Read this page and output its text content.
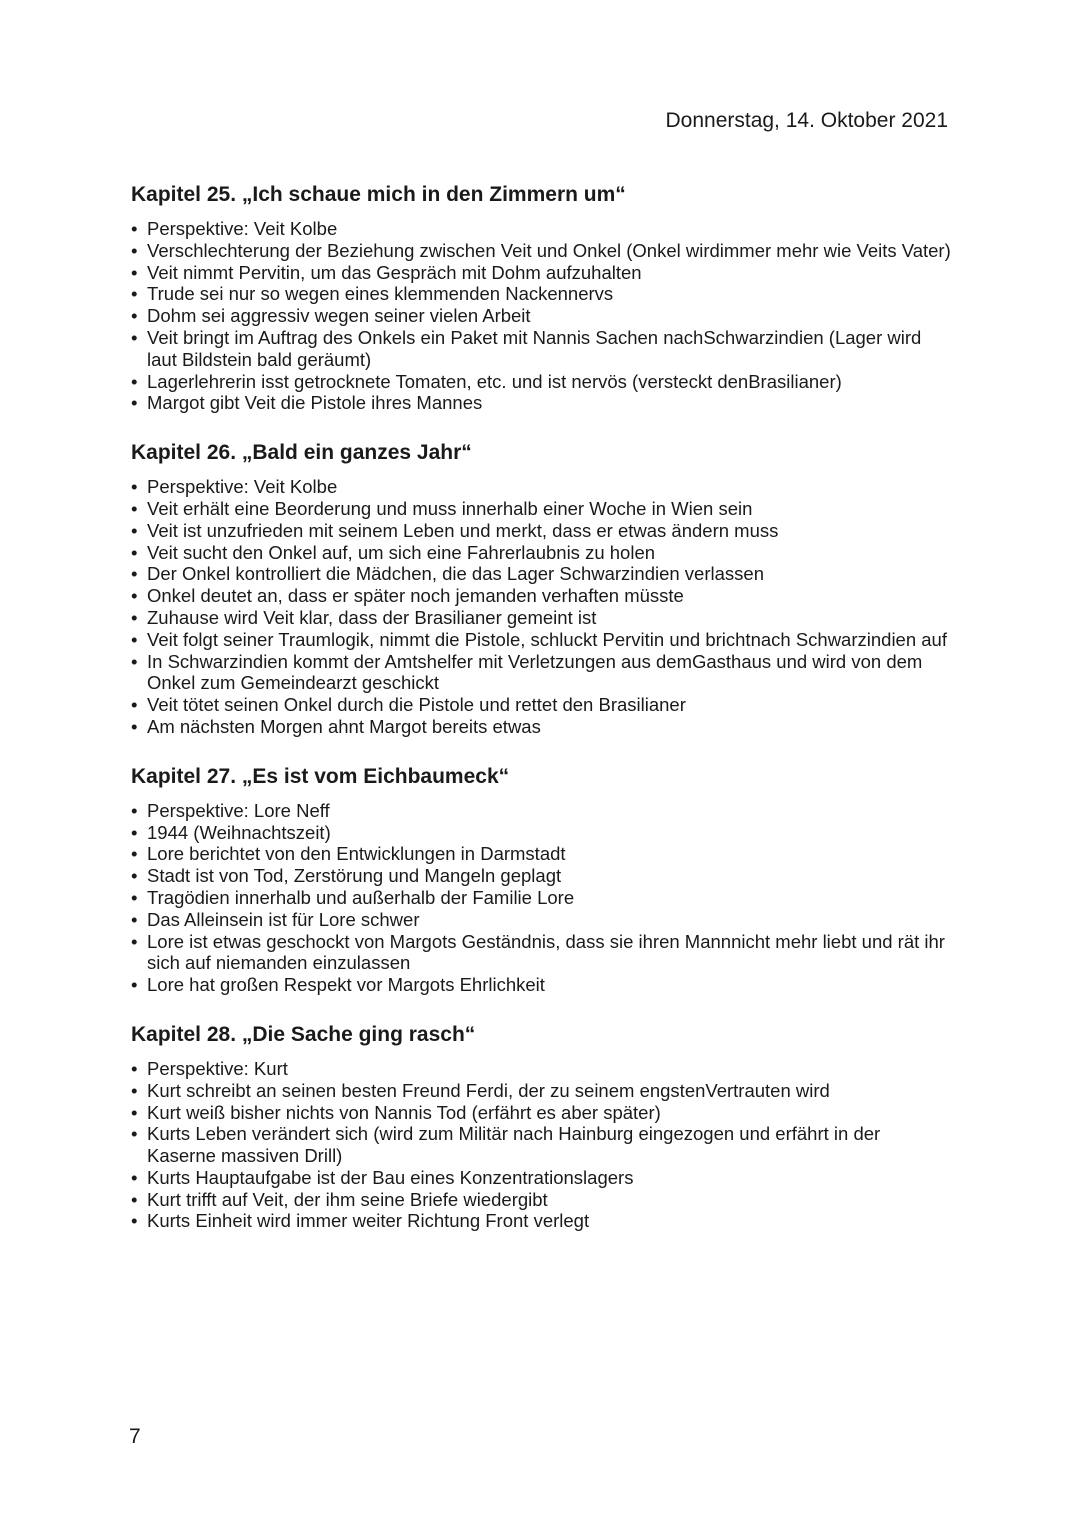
Donnerstag, 14. Oktober 2021
Kapitel 25. „Ich schaue mich in den Zimmern um“
• Perspektive: Veit Kolbe
• Verschlechterung der Beziehung zwischen Veit und Onkel (Onkel wirdimmer mehr wie Veits Vater)
• Veit nimmt Pervitin, um das Gespräch mit Dohm aufzuhalten
• Trude sei nur so wegen eines klemmenden Nackennervs
• Dohm sei aggressiv wegen seiner vielen Arbeit
• Veit bringt im Auftrag des Onkels ein Paket mit Nannis Sachen nachSchwarzindien (Lager wird laut Bildstein bald geräumt)
• Lagerlehrerin isst getrocknete Tomaten, etc. und ist nervös (versteckt denBrasilianer)
• Margot gibt Veit die Pistole ihres Mannes
Kapitel 26. „Bald ein ganzes Jahr“
• Perspektive: Veit Kolbe
• Veit erhält eine Beorderung und muss innerhalb einer Woche in Wien sein
• Veit ist unzufrieden mit seinem Leben und merkt, dass er etwas ändern muss
• Veit sucht den Onkel auf, um sich eine Fahrerlaubnis zu holen
• Der Onkel kontrolliert die Mädchen, die das Lager Schwarzindien verlassen
• Onkel deutet an, dass er später noch jemanden verhaften müsste
• Zuhause wird Veit klar, dass der Brasilianer gemeint ist
• Veit folgt seiner Traumlogik, nimmt die Pistole, schluckt Pervitin und brichtnach Schwarzindien auf
• In Schwarzindien kommt der Amtshelfer mit Verletzungen aus demGasthaus und wird von dem Onkel zum Gemeindearzt geschickt
• Veit tötet seinen Onkel durch die Pistole und rettet den Brasilianer
• Am nächsten Morgen ahnt Margot bereits etwas
Kapitel 27. „Es ist vom Eichbaumeck“
• Perspektive: Lore Neff
• 1944 (Weihnachtszeit)
• Lore berichtet von den Entwicklungen in Darmstadt
• Stadt ist von Tod, Zerstörung und Mangeln geplagt
• Tragödien innerhalb und außerhalb der Familie Lore
• Das Alleinsein ist für Lore schwer
• Lore ist etwas geschockt von Margots Geständnis, dass sie ihren Mannnicht mehr liebt und rät ihr sich auf niemanden einzulassen
• Lore hat großen Respekt vor Margots Ehrlichkeit
Kapitel 28. „Die Sache ging rasch“
• Perspektive: Kurt
• Kurt schreibt an seinen besten Freund Ferdi, der zu seinem engstenVertrauten wird
• Kurt weiß bisher nichts von Nannis Tod (erfährt es aber später)
• Kurts Leben verändert sich (wird zum Militär nach Hainburg eingezogen und erfährt in der Kaserne massiven Drill)
• Kurts Hauptaufgabe ist der Bau eines Konzentrationslagers
• Kurt trifft auf Veit, der ihm seine Briefe wiedergibt
• Kurts Einheit wird immer weiter Richtung Front verlegt
7
